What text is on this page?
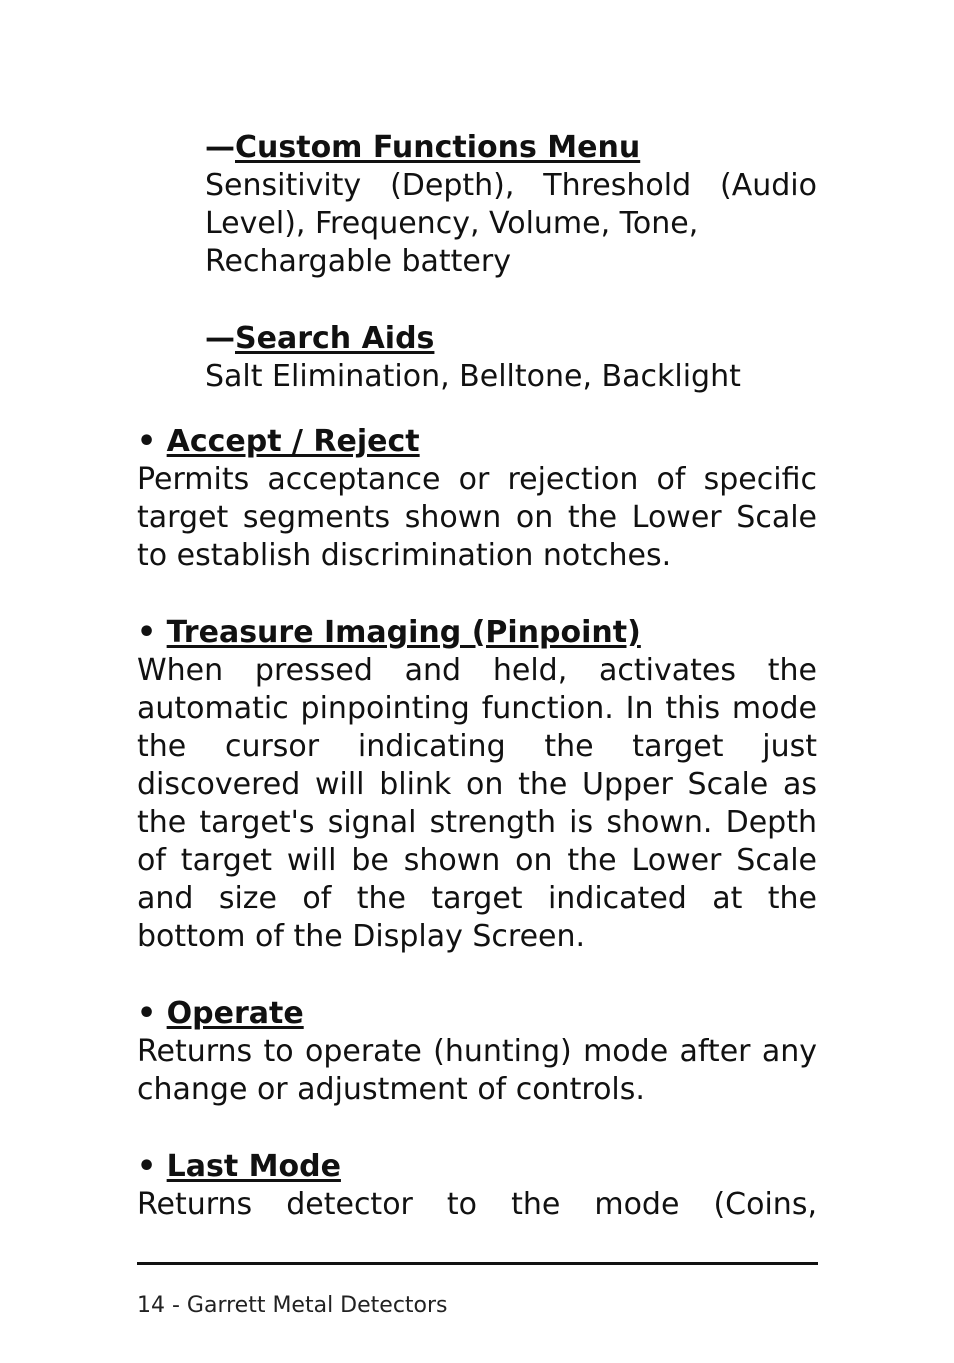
—Custom Functions Menu
Sensitivity (Depth), Threshold (Audio
Level), Frequency, Volume, Tone,
Rechargable battery
—Search Aids
Salt Elimination, Belltone, Backlight
• Accept / Reject
Permits acceptance or rejection of specific target segments shown on the Lower Scale to establish discrimination notches.
• Treasure Imaging (Pinpoint)
When pressed and held, activates the automatic pinpointing function. In this mode the cursor indicating the target just discovered will blink on the Upper Scale as the target's signal strength is shown. Depth of target will be shown on the Lower Scale and size of the target indicated at the bottom of the Display Screen.
• Operate
Returns to operate (hunting) mode after any change or adjustment of controls.
• Last Mode
Returns detector to the mode (Coins,
14 - Garrett Metal Detectors
